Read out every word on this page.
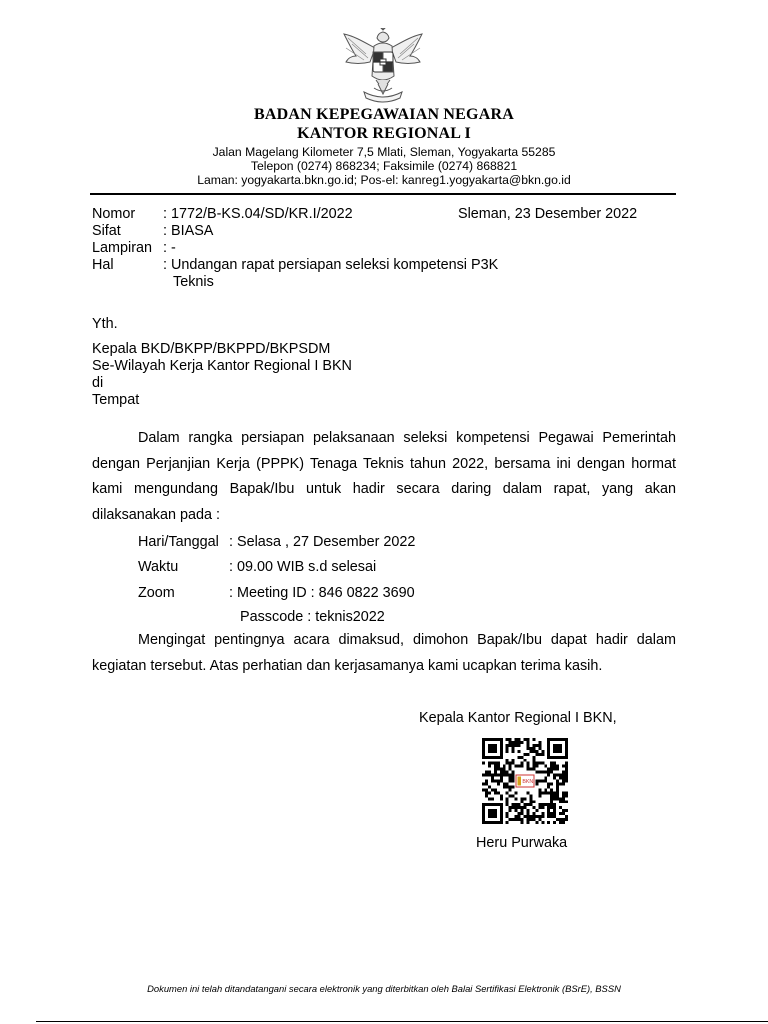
BADAN KEPEGAWAIAN NEGARA
KANTOR REGIONAL I
Jalan Magelang Kilometer 7,5 Mlati, Sleman, Yogyakarta 55285
Telepon (0274) 868234; Faksimile (0274) 868821
Laman: yogyakarta.bkn.go.id; Pos-el: kanreg1.yogyakarta@bkn.go.id
Nomor : 1772/B-KS.04/SD/KR.I/2022	Sleman, 23 Desember 2022
Sifat	: BIASA
Lampiran : -
Hal	: Undangan rapat persiapan seleksi kompetensi P3K
Teknis
Yth.
Kepala BKD/BKPP/BKPPD/BKPSDM
Se-Wilayah Kerja Kantor Regional I BKN
di
Tempat
Dalam rangka persiapan pelaksanaan seleksi kompetensi Pegawai Pemerintah dengan Perjanjian Kerja (PPPK) Tenaga Teknis tahun 2022, bersama ini dengan hormat kami mengundang Bapak/Ibu untuk hadir secara daring dalam rapat, yang akan dilaksanakan pada :
Hari/Tanggal : Selasa , 27 Desember 2022
Waktu	: 09.00 WIB s.d selesai
Zoom	: Meeting ID : 846 0822 3690
Passcode : teknis2022
Mengingat pentingnya acara dimaksud, dimohon Bapak/Ibu dapat hadir dalam kegiatan tersebut. Atas perhatian dan kerjasamanya kami ucapkan terima kasih.
Kepala Kantor Regional I BKN,
BKN
Heru Purwaka
Dokumen ini telah ditandatangani secara elektronik yang diterbitkan oleh Balai Sertifikasi Elektronik (BSrE), BSSN
